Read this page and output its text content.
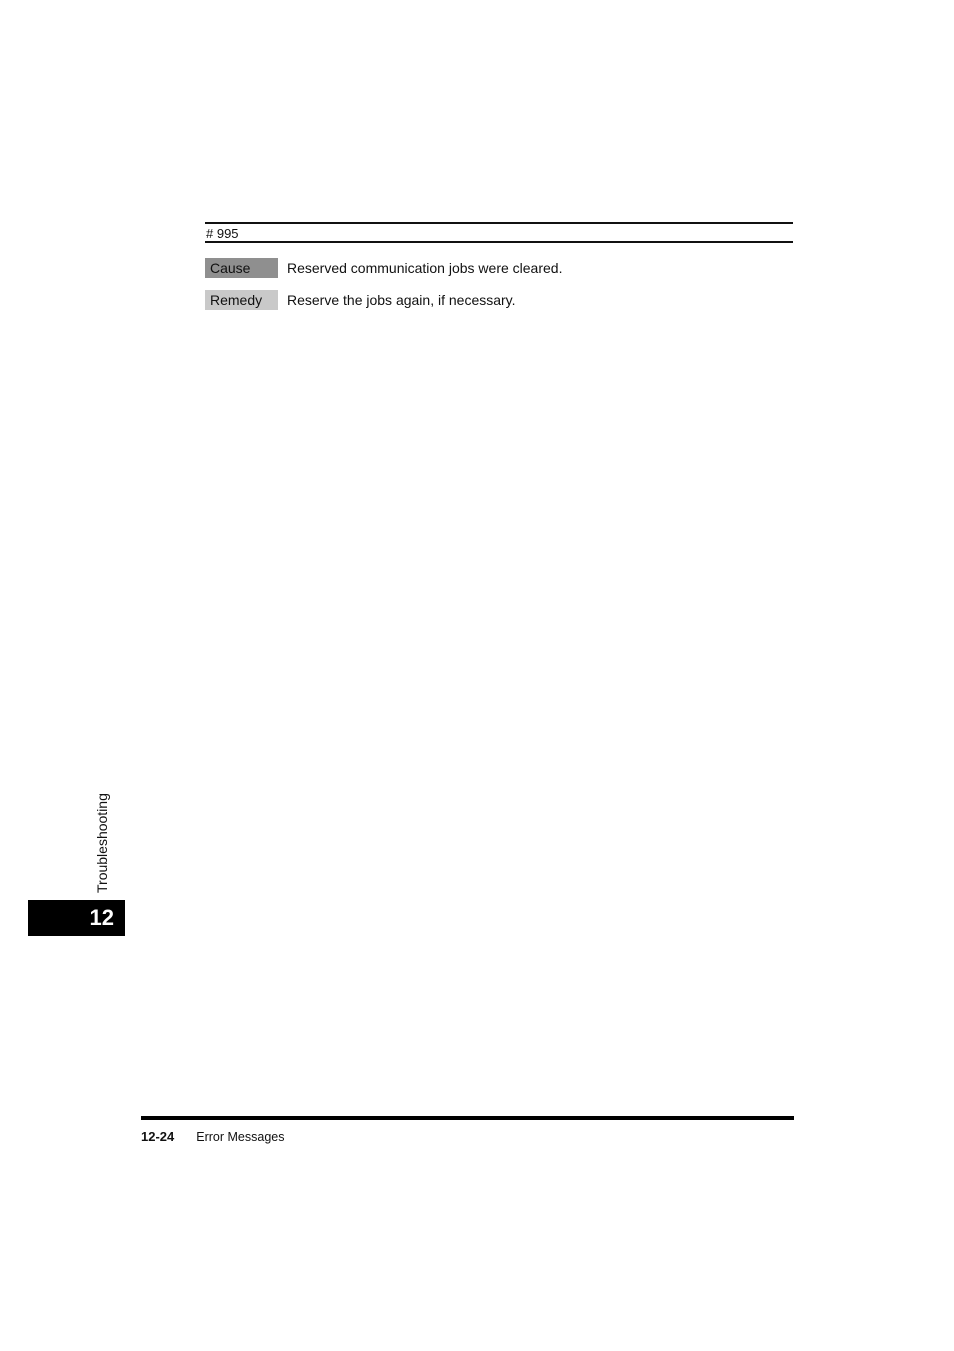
# 995
Cause	Reserved communication jobs were cleared.
Remedy	Reserve the jobs again, if necessary.
Troubleshooting
12
12-24 Error Messages
